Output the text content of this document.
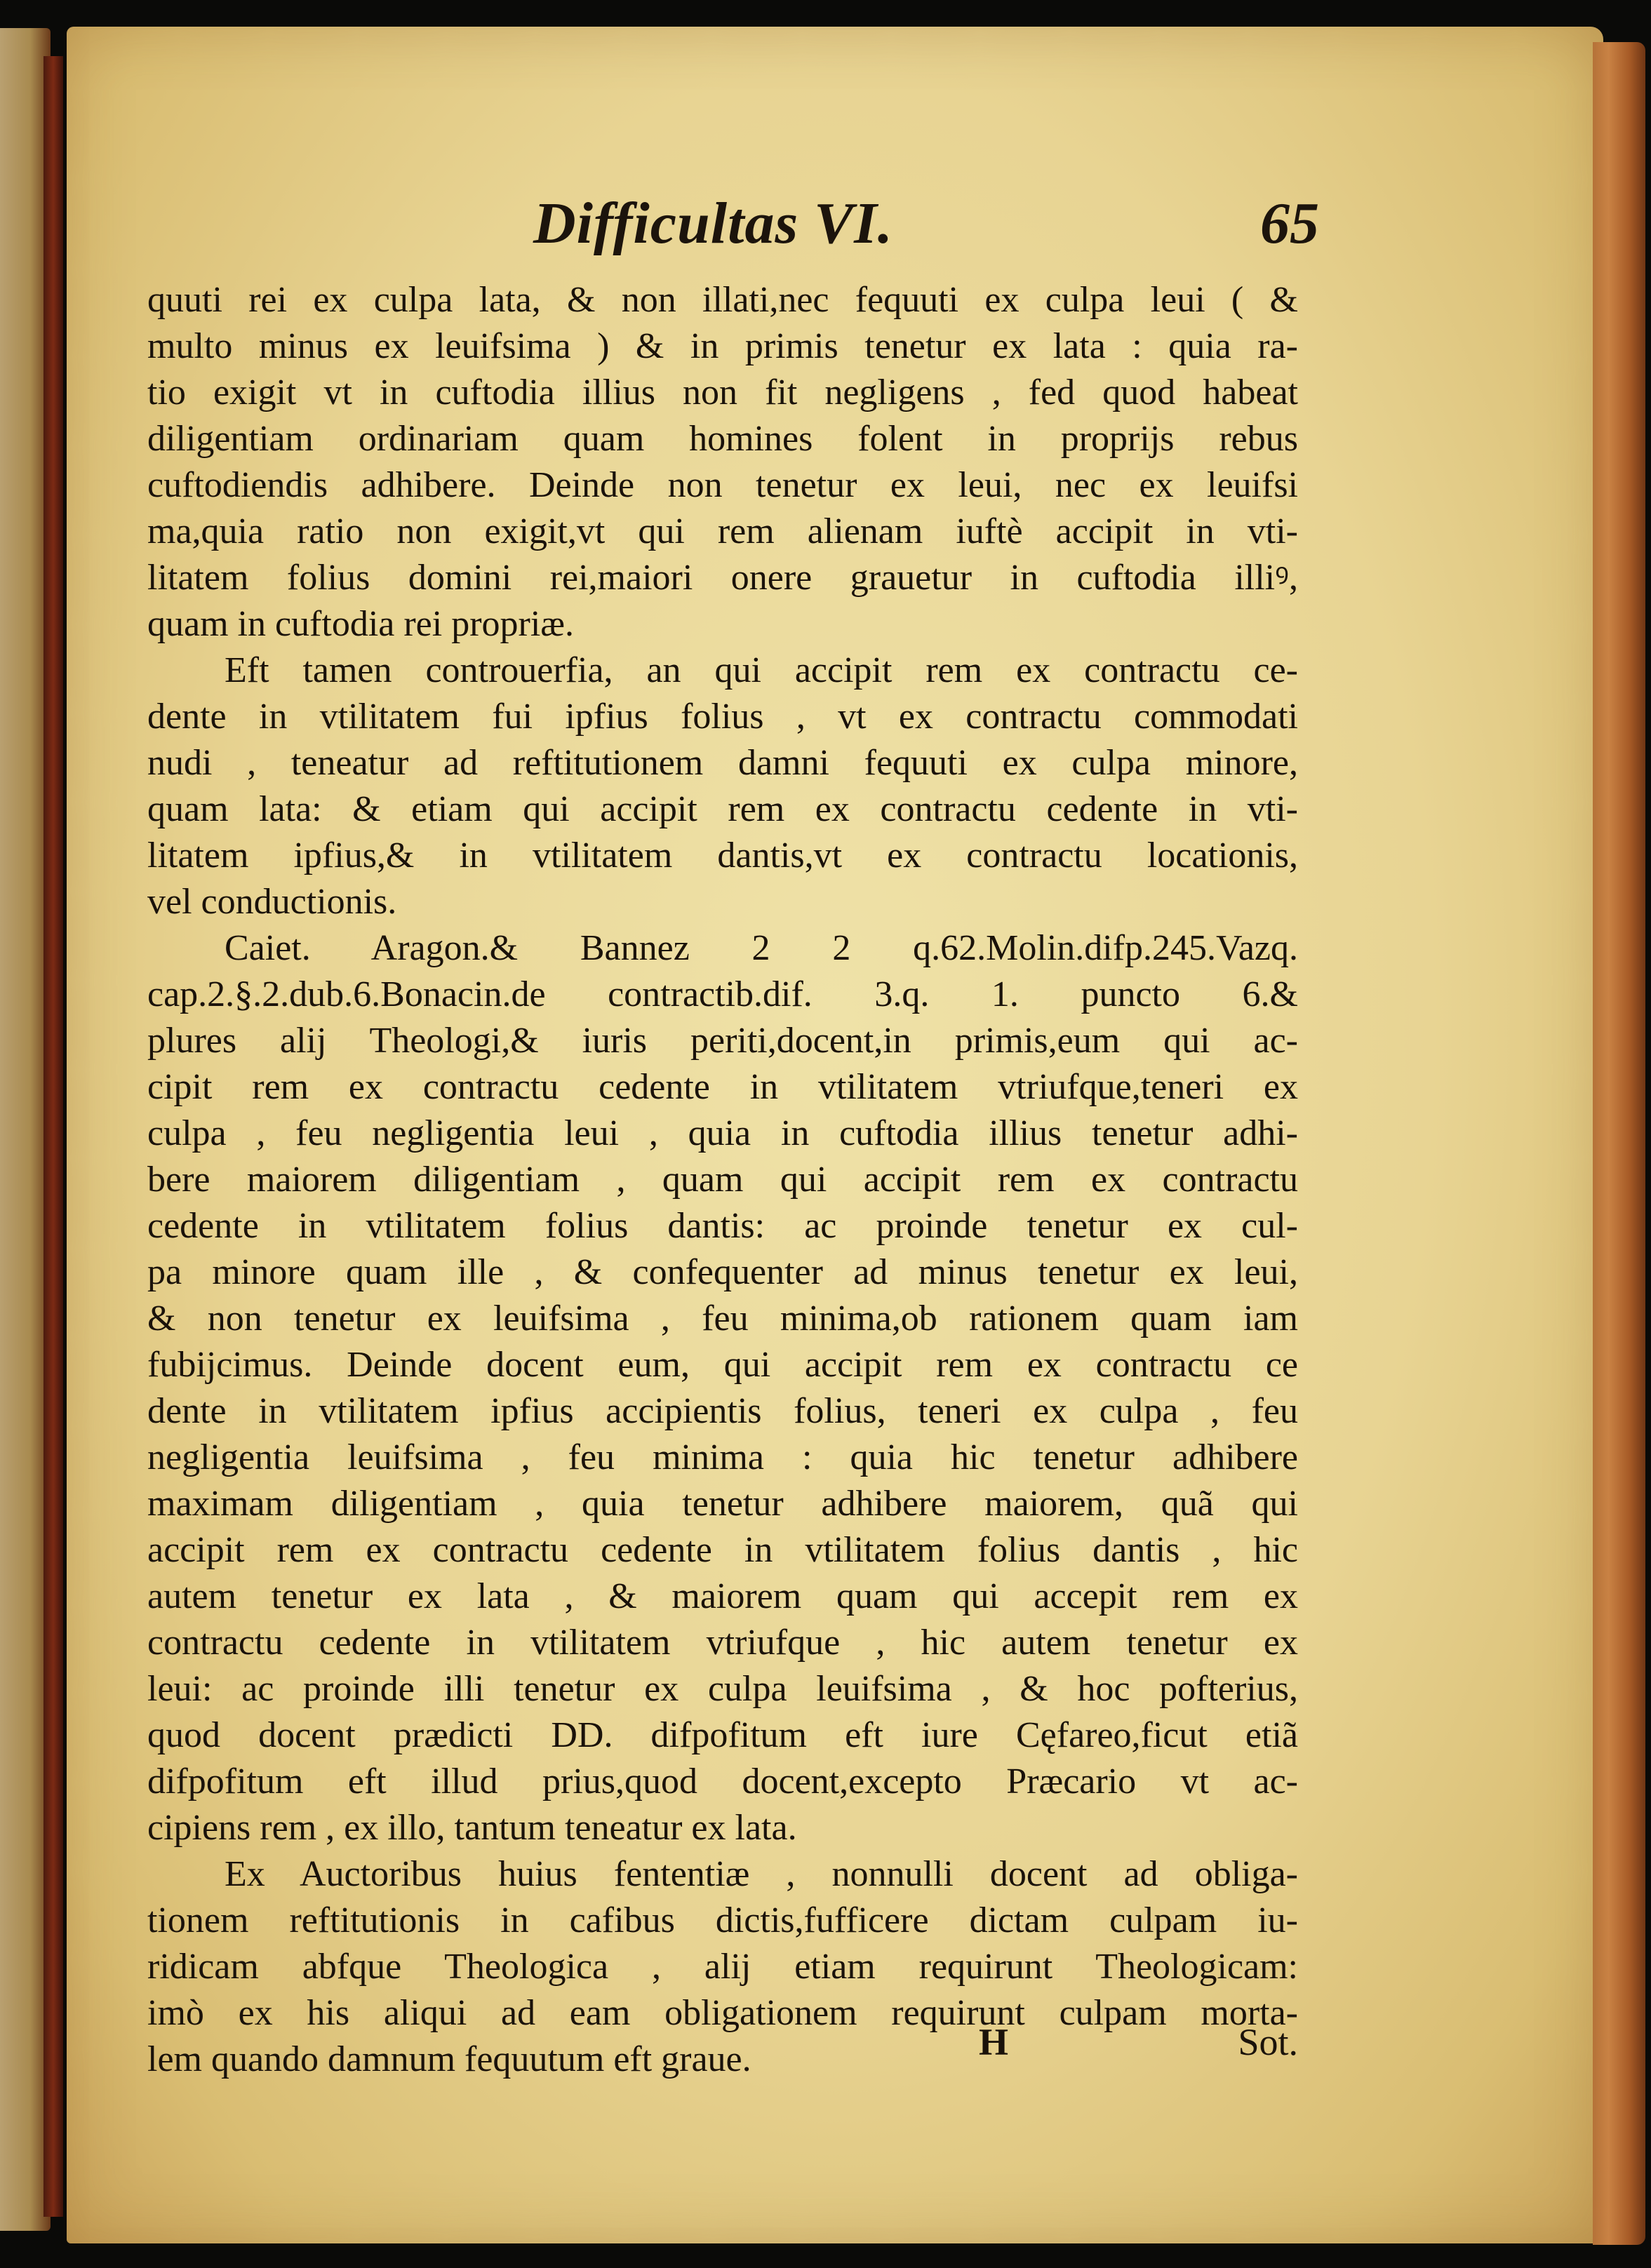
Difficultas VI.	65
quuti rei ex culpa lata, & non illati,nec fequuti ex culpa leui ( &
multo minus ex leuifsima ) & in primis tenetur ex lata : quia ra-
tio exigit vt in cuftodia illius non fit negligens , fed quod habeat
diligentiam ordinariam quam homines folent in proprijs rebus
cuftodiendis adhibere. Deinde non tenetur ex leui, nec ex leuifsi
ma,quia ratio non exigit,vt qui rem alienam iuftè accipit in vti-
litatem folius domini rei,maiori onere grauetur in cuftodia illiꝰ,
quam in cuftodia rei propriæ.
Eft tamen controuerfia, an qui accipit rem ex contractu ce-
dente in vtilitatem fui ipfius folius , vt ex contractu commodati
nudi , teneatur ad reftitutionem damni fequuti ex culpa minore,
quam lata: & etiam qui accipit rem ex contractu cedente in vti-
litatem ipfius,& in vtilitatem dantis,vt ex contractu locationis,
vel conductionis.
Caiet. Aragon.& Bannez 2 2 q.62.Molin.difp.245.Vazq.
cap.2.§.2.dub.6.Bonacin.de contractib.dif. 3.q. 1. puncto 6.&
plures alij Theologi,& iuris periti,docent,in primis,eum qui ac-
cipit rem ex contractu cedente in vtilitatem vtriufque,teneri ex
culpa , feu negligentia leui , quia in cuftodia illius tenetur adhi-
bere maiorem diligentiam , quam qui accipit rem ex contractu
cedente in vtilitatem folius dantis: ac proinde tenetur ex cul-
pa minore quam ille , & confequenter ad minus tenetur ex leui,
& non tenetur ex leuifsima , feu minima,ob rationem quam iam
fubijcimus. Deinde docent eum, qui accipit rem ex contractu ce
dente in vtilitatem ipfius accipientis folius, teneri ex culpa , feu
negligentia leuifsima , feu minima : quia hic tenetur adhibere
maximam diligentiam , quia tenetur adhibere maiorem, quã qui
accipit rem ex contractu cedente in vtilitatem folius dantis , hic
autem tenetur ex lata , & maiorem quam qui accepit rem ex
contractu cedente in vtilitatem vtriufque , hic autem tenetur ex
leui: ac proinde illi tenetur ex culpa leuifsima , & hoc pofterius,
quod docent prædicti DD. difpofitum eft iure Cęfareo,ficut etiã
difpofitum eft illud prius,quod docent,excepto Præcario vt ac-
cipiens rem , ex illo, tantum teneatur ex lata.
Ex Auctoribus huius fententiæ , nonnulli docent ad obliga-
tionem reftitutionis in cafibus dictis,fufficere dictam culpam iu-
ridicam abfque Theologica , alij etiam requirunt Theologicam:
imò ex his aliqui ad eam obligationem requirunt culpam morta-
lem quando damnum fequutum eft graue.	H	Sot.
